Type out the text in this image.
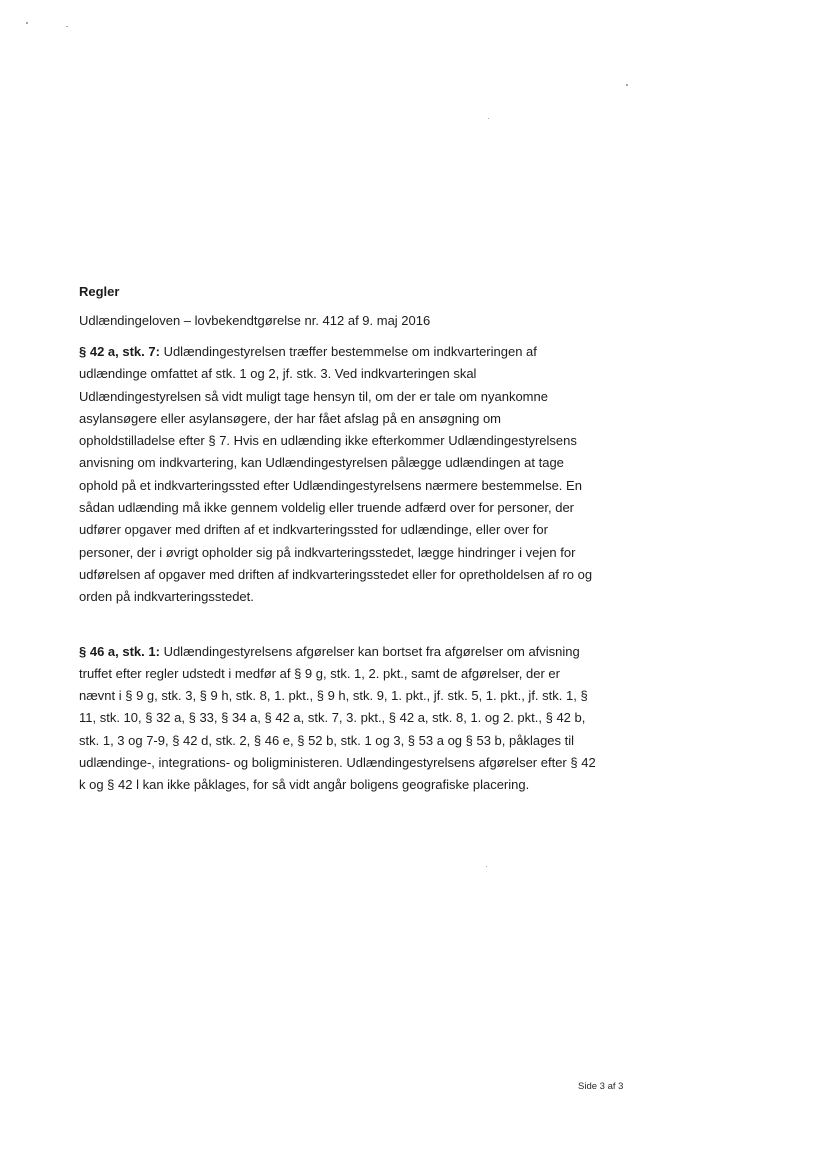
Regler
Udlændingeloven – lovbekendtgørelse nr. 412 af 9. maj 2016

§ 42 a, stk. 7: Udlændingestyrelsen træffer bestemmelse om indkvarteringen af udlændinge omfattet af stk. 1 og 2, jf. stk. 3. Ved indkvarteringen skal Udlændingestyrelsen så vidt muligt tage hensyn til, om der er tale om nyankomne asylansøgere eller asylansøgere, der har fået afslag på en ansøgning om opholdstilladelse efter § 7. Hvis en udlænding ikke efterkommer Udlændingestyrelsens anvisning om indkvartering, kan Udlændingestyrelsen pålægge udlændingen at tage ophold på et indkvarteringssted efter Udlændingestyrelsens nærmere bestemmelse. En sådan udlænding må ikke gennem voldelig eller truende adfærd over for personer, der udfører opgaver med driften af et indkvarteringssted for udlændinge, eller over for personer, der i øvrigt opholder sig på indkvarteringsstedet, lægge hindringer i vejen for udførelsen af opgaver med driften af indkvarteringsstedet eller for opretholdelsen af ro og orden på indkvarteringsstedet.

§ 46 a, stk. 1: Udlændingestyrelsens afgørelser kan bortset fra afgørelser om afvisning truffet efter regler udstedt i medfør af § 9 g, stk. 1, 2. pkt., samt de afgørelser, der er nævnt i § 9 g, stk. 3, § 9 h, stk. 8, 1. pkt., § 9 h, stk. 9, 1. pkt., jf. stk. 5, 1. pkt., jf. stk. 1, § 11, stk. 10, § 32 a, § 33, § 34 a, § 42 a, stk. 7, 3. pkt., § 42 a, stk. 8, 1. og 2. pkt., § 42 b, stk. 1, 3 og 7-9, § 42 d, stk. 2, § 46 e, § 52 b, stk. 1 og 3, § 53 a og § 53 b, påklages til udlændinge-, integrations- og boligministeren. Udlændingestyrelsens afgørelser efter § 42 k og § 42 l kan ikke påklages, for så vidt angår boligens geografiske placering.

Side 3 af 3
